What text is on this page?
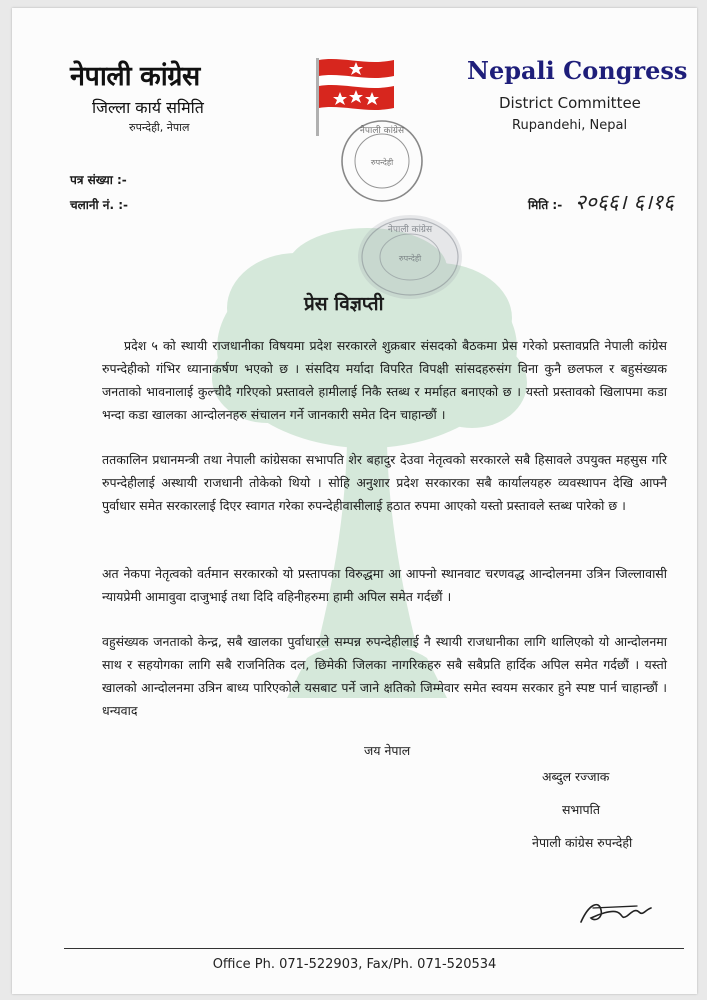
नेपाली कांग्रेस
जिल्ला कार्य समिति
रुपन्देही, नेपाल	नेपाली कांग्रेस
रुपन्देही
नेपाली कांग्रेस
रुपन्देही
Nepali Congress
District Committee
Rupandehi, Nepal
पत्र संख्या :-
चलानी नं. :-	मिति :- २०६६। ६।१६
प्रेस विज्ञप्ती
प्रदेश ५ को स्थायी राजधानीका विषयमा प्रदेश सरकारले शुक्रबार संसदको बैठकमा प्रेस गरेको प्रस्तावप्रति नेपाली कांग्रेस रुपन्देहीको गंभिर ध्यानाकर्षण भएको छ । संसदिय मर्यादा विपरित विपक्षी सांसदहरुसंग विना कुनै छलफल र बहुसंख्यक जनताको भावनालाई कुल्चीदै गरिएको प्रस्तावले हामीलाई निकै स्तब्ध र मर्माहत बनाएको छ । यस्तो प्रस्तावको खिलापमा कडा भन्दा कडा खालका आन्दोलनहरु संचालन गर्ने जानकारी समेत दिन चाहान्छौं ।
ततकालिन प्रधानमन्त्री तथा नेपाली कांग्रेसका सभापति शेर बहादुर देउवा नेतृत्वको सरकारले सबै हिसावले उपयुक्त महसुस गरि रुपन्देहीलाई अस्थायी राजधानी तोकेको थियो । सोहि अनुशार प्रदेश सरकारका सबै कार्यालयहरु व्यवस्थापन देखि आफ्नै पुर्वाधार समेत सरकारलाई दिएर स्वागत गरेका रुपन्देहीवासीलाई हठात रुपमा आएको यस्तो प्रस्तावले स्तब्ध पारेको छ ।
अत नेकपा नेतृत्वको वर्तमान सरकारको यो प्रस्तापका विरुद्धमा आ आफ्नो स्थानवाट चरणवद्ध आन्दोलनमा उत्रिन जिल्लावासी न्यायप्रेमी आमावुवा दाजुभाई तथा दिदि वहिनीहरुमा हामी अपिल समेत गर्दछौं ।
वहुसंख्यक जनताको केन्द्र, सबै खालका पुर्वाधारले सम्पन्न रुपन्देहीलाई नै स्थायी राजधानीका लागि थालिएको यो आन्दोलनमा साथ र सहयोगका लागि सबै राजनितिक दल, छिमेकी जिलका नागरिकहरु सबै सबैप्रति हार्दिक अपिल समेत गर्दछौं । यस्तो खालको आन्दोलनमा उत्रिन बाध्य पारिएकोले यसबाट पर्ने जाने क्षतिको जिम्मेवार समेत स्वयम सरकार हुने स्पष्ट पार्न चाहान्छौं । धन्यवाद
जय नेपाल
अब्दुल रज्जाक
सभापति
नेपाली कांग्रेस रुपन्देही
Office Ph. 071-522903, Fax/Ph. 071-520534
